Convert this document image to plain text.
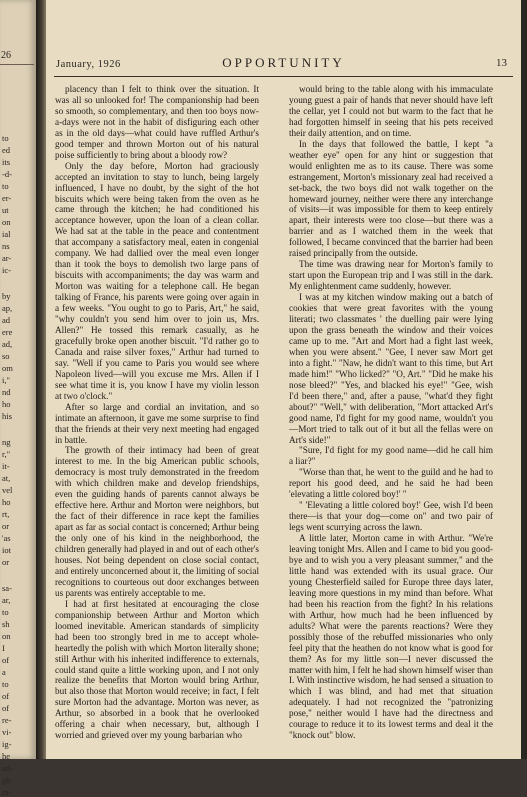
26
to
ed
its
-d-
to
er-
ut
on
ial
ns
ar-
ic-
by
ap,
ad
ere
ad,
so
om
i,"
nd
ho
his
ng
r,"
it-
at,
vel
ho
rt,
or
'as
iot
or
sa-
ar,
to
sh
on
I
of
a
to
of
of
re-
vi-
ig-
he
ad-
gh
m-
January, 1926	OPPORTUNITY	13

placency than I felt to think over the situation. It was all so unlooked for! The companionship had been so smooth, so complementary, and then too boys now-a-days were not in the habit of disfiguring each other as in the old days—what could have ruffled Arthur's good temper and thrown Morton out of his natural poise sufficiently to bring about a bloody row?

Only the day before, Morton had graciously accepted an invitation to stay to lunch, being largely influenced, I have no doubt, by the sight of the hot biscuits which were being taken from the oven as he came through the kitchen; he had conditioned his acceptance however, upon the loan of a clean collar. We had sat at the table in the peace and contentment that accompany a satisfactory meal, eaten in congenial company. We had dallied over the meal even longer than it took the boys to demolish two large pans of biscuits with accompaniments; the day was warm and Morton was waiting for a telephone call. He began talking of France, his parents were going over again in a few weeks. "You ought to go to Paris, Art," he said, "why couldn't you send him over to join us, Mrs. Allen?" He tossed this remark casually, as he gracefully broke open another biscuit. "I'd rather go to Canada and raise silver foxes," Arthur had turned to say. "Well if you came to Paris you would see where Napoleon lived—will you excuse me Mrs. Allen if I see what time it is, you know I have my violin lesson at two o'clock."

After so large and cordial an invitation, and so intimate an afternoon, it gave me some surprise to find that the friends at their very next meeting had engaged in battle.

The growth of their intimacy had been of great interest to me. In the big American public schools, democracy is most truly demonstrated in the freedom with which children make and develop friendships, even the guiding hands of parents cannot always be effective here. Arthur and Morton were neighbors, but the fact of their difference in race kept the families apart as far as social contact is concerned; Arthur being the only one of his kind in the neighborhood, the children generally had played in and out of each other's houses. Not being dependent on close social contact, and entirely unconcerned about it, the limiting of social recognitions to courteous out door exchanges between us parents was entirely acceptable to me.

I had at first hesitated at encouraging the close companionship between Arthur and Morton which loomed inevitable. American standards of simplicity had been too strongly bred in me to accept whole-heartedly the polish with which Morton literally shone; still Arthur with his inherited indifference to externals, could stand quite a little working upon, and I not only realize the benefits that Morton would bring Arthur, but also those that Morton would receive; in fact, I felt sure Morton had the advantage. Morton was never, as Arthur, so absorbed in a book that he overlooked offering a chair when necessary, but, although I worried and grieved over my young barbarian who

would bring to the table along with his immaculate young guest a pair of hands that never should have left the cellar, yet I could not but warm to the fact that he had forgotten himself in seeing that his pets received their daily attention, and on time.

In the days that followed the battle, I kept "a weather eye" open for any hint or suggestion that would enlighten me as to its cause. There was some estrangement, Morton's missionary zeal had received a set-back, the two boys did not walk together on the homeward journey, neither were there any interchange of visits—it was impossible for them to keep entirely apart, their interests were too close—but there was a barrier and as I watched them in the week that followed, I became convinced that the barrier had been raised principally from the outside.

The time was drawing near for Morton's family to start upon the European trip and I was still in the dark. My enlightenment came suddenly, however.

I was at my kitchen window making out a batch of cookies that were great favorites with the young literati; two classmates ' the duelling pair were lying upon the grass beneath the window and their voices came up to me. "Art and Mort had a fight last week, when you were absent." "Gee, I never saw Mort get into a fight." "Naw, he didn't want to this time, but Art made him!" "Who licked?" "O, Art." "Did he make his nose bleed?" "Yes, and blacked his eye!" "Gee, wish I'd been there," and, after a pause, "what'd they fight about?" "Well," with deliberation, "Mort attacked Art's good name, I'd fight for my good name, wouldn't you—Mort tried to talk out of it but all the fellas were on Art's side!"

"Sure, I'd fight for my good name—did he call him a liar?"

"Worse than that, he went to the guild and he had to report his good deed, and he said he had been 'elevating a little colored boy!' "

" 'Elevating a little colored boy!' Gee, wish I'd been there—is that your dog—come on" and two pair of legs went scurrying across the lawn.

A little later, Morton came in with Arthur. "We're leaving tonight Mrs. Allen and I came to bid you good-bye and to wish you a very pleasant summer," and the little hand was extended with its usual grace. Our young Chesterfield sailed for Europe three days later, leaving more questions in my mind than before. What had been his reaction from the fight? In his relations with Arthur, how much had he been influenced by adults? What were the parents reactions? Were they possibly those of the rebuffed missionaries who only feel pity that the heathen do not know what is good for them? As for my little son—I never discussed the matter with him, I felt he had shown himself wiser than I. With instinctive wisdom, he had sensed a situation to which I was blind, and had met that situation adequately. I had not recognized the "patronizing pose," neither would I have had the directness and courage to reduce it to its lowest terms and deal it the "knock out" blow.
